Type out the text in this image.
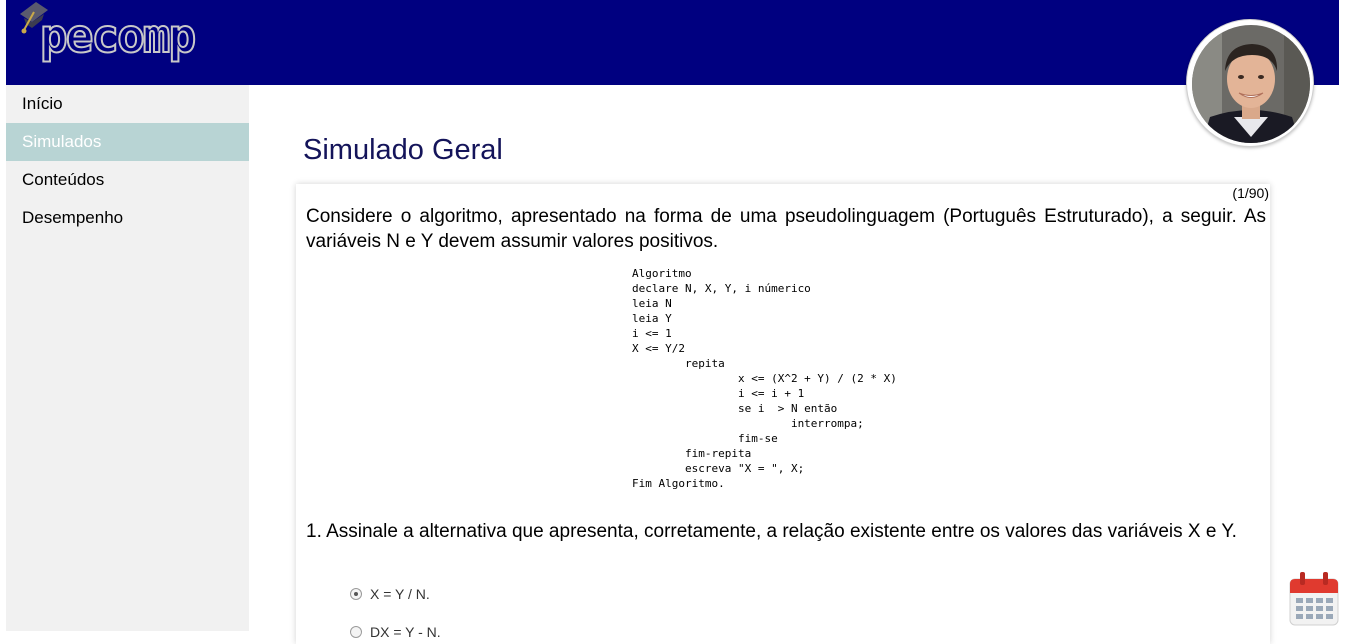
pecomp
Início
Simulados
Conteúdos
Desempenho
Simulado Geral
(1/90)
Considere o algoritmo, apresentado na forma de uma pseudolinguagem (Português Estruturado), a seguir. As variáveis N e Y devem assumir valores positivos.
Algoritmo
declare N, X, Y, i númerico
leia N
leia Y
i <= 1
X <= Y/2
repita
x <= (X^2 + Y) / (2 * X)
i <= i + 1
se i  > N então
interrompa;
fim-se
fim-repita
escreva "X = ", X;
Fim Algoritmo.
1. Assinale a alternativa que apresenta, corretamente, a relação existente entre os valores das variáveis X e Y.
X = Y / N.
DX = Y - N.
